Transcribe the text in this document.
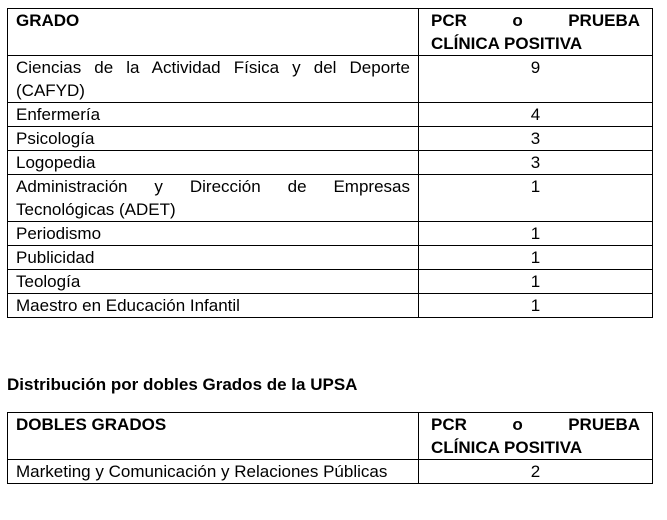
GRADO	PCR o PRUEBA
CLÍNICA POSITIVA
Ciencias de la Actividad Física y del Deporte (CAFYD)	9
Enfermería	4
Psicología	3
Logopedia	3
Administración y Dirección de Empresas Tecnológicas (ADET)	1
Periodismo	1
Publicidad	1
Teología	1
Maestro en Educación Infantil	1

Distribución por dobles Grados de la UPSA

DOBLES GRADOS	PCR o PRUEBA
CLÍNICA POSITIVA
Marketing y Comunicación y Relaciones Públicas	2
